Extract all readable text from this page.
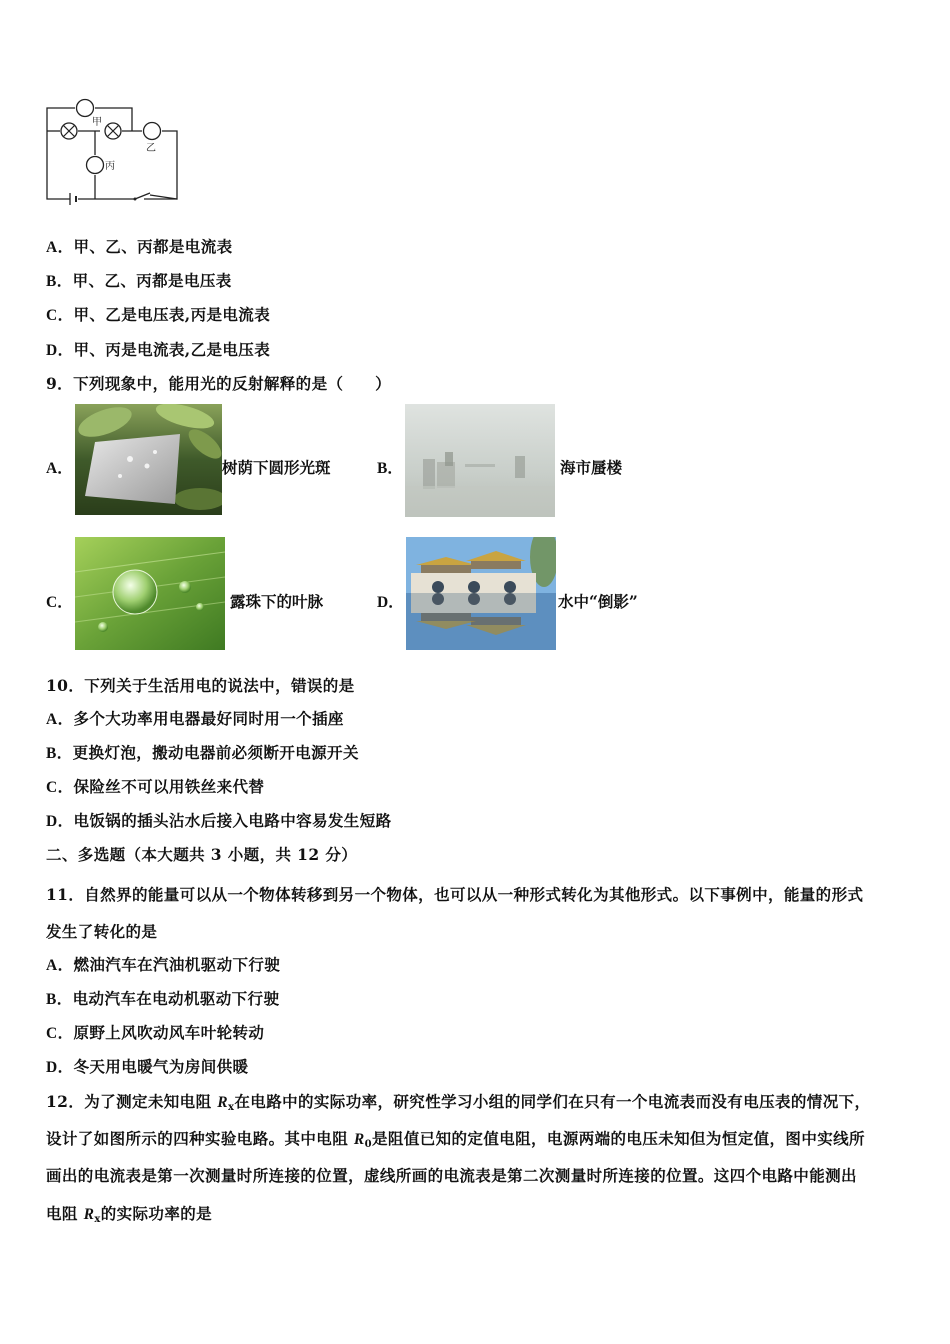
甲
乙
丙
A．甲、乙、丙都是电流表
B．甲、乙、丙都是电压表
C．甲、乙是电压表,丙是电流表
D．甲、丙是电流表,乙是电压表
9．下列现象中，能用光的反射解释的是（　　）
A．	树荫下圆形光斑	B．	海市蜃楼
C．	露珠下的叶脉	D．	水中“倒影”
10．下列关于生活用电的说法中，错误的是
A．多个大功率用电器最好同时用一个插座
B．更换灯泡，搬动电器前必须断开电源开关
C．保险丝不可以用铁丝来代替
D．电饭锅的插头沾水后接入电路中容易发生短路
二、多选题（本大题共 3 小题，共 12 分）
11．自然界的能量可以从一个物体转移到另一个物体，也可以从一种形式转化为其他形式。以下事例中，能量的形式
发生了转化的是
A．燃油汽车在汽油机驱动下行驶
B．电动汽车在电动机驱动下行驶
C．原野上风吹动风车叶轮转动
D．冬天用电暖气为房间供暖
12．为了测定未知电阻 $R_x$在电路中的实际功率，研究性学习小组的同学们在只有一个电流表而没有电压表的情况下，
设计了如图所示的四种实验电路。其中电阻 $R_0$是阻值已知的定值电阻，电源两端的电压未知但为恒定值，图中实线所
画出的电流表是第一次测量时所连接的位置，虚线所画的电流表是第二次测量时所连接的位置。这四个电路中能测出
电阻 $R_x$的实际功率的是
